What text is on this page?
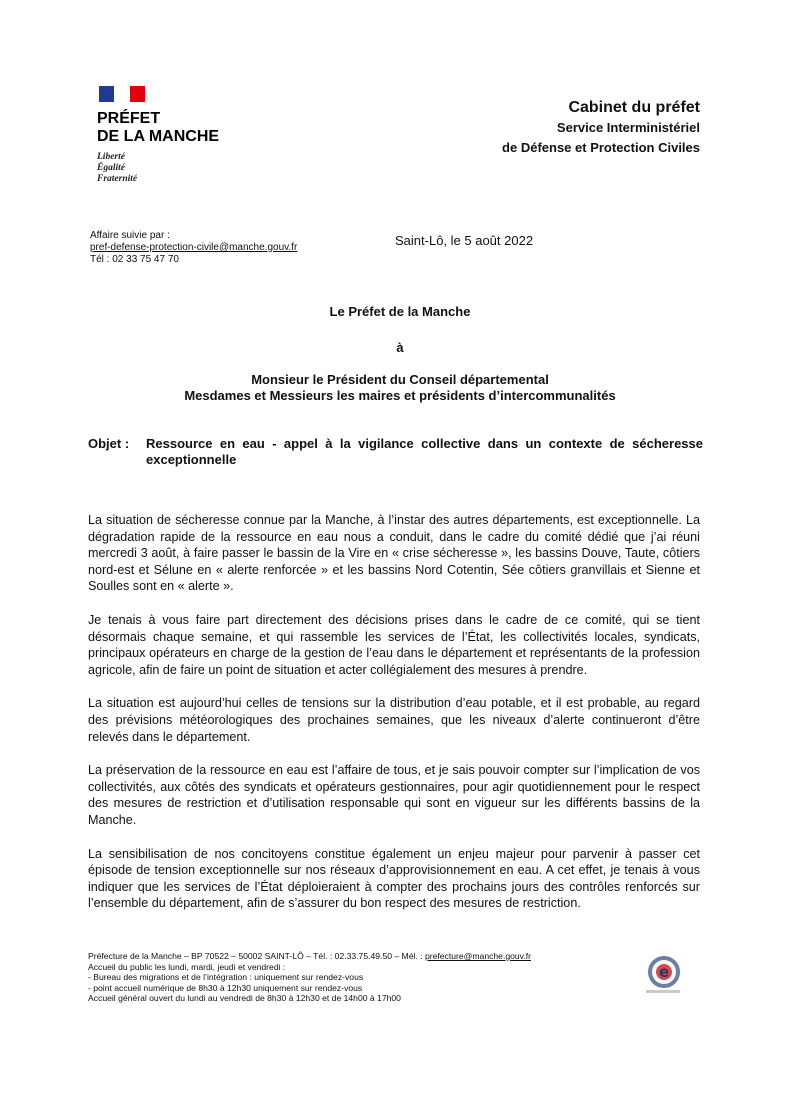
PRÉFET
DE LA MANCHE
Liberté
Égalité
Fraternité
Cabinet du préfet
Service Interministériel
de Défense et Protection Civiles
Affaire suivie par :
pref-defense-protection-civile@manche.gouv.fr
Tél : 02 33 75 47 70
Saint-Lô, le 5 août 2022
Le Préfet de la Manche
à
Monsieur le Président du Conseil départemental
Mesdames et Messieurs les maires et présidents d’intercommunalités
Objet :	Ressource en eau - appel à la vigilance collective dans un contexte de sécheresse exceptionnelle

La situation de sécheresse connue par la Manche, à l’instar des autres départements, est exceptionnelle. La dégradation rapide de la ressource en eau nous a conduit, dans le cadre du comité dédié que j’ai réuni mercredi 3 août, à faire passer le bassin de la Vire en « crise sécheresse », les bassins Douve, Taute, côtiers nord-est et Sélune en « alerte renforcée » et les bassins Nord Cotentin, Sée côtiers granvillais et Sienne et Soulles sont en « alerte ».

Je tenais à vous faire part directement des décisions prises dans le cadre de ce comité, qui se tient désormais chaque semaine, et qui rassemble les services de l’État, les collectivités locales, syndicats, principaux opérateurs en charge de la gestion de l’eau dans le département et représentants de la profession agricole, afin de faire un point de situation et acter collégialement des mesures à prendre.

La situation est aujourd’hui celles de tensions sur la distribution d’eau potable, et il est probable, au regard des prévisions météorologiques des prochaines semaines, que les niveaux d’alerte continueront d’être relevés dans le département.

La préservation de la ressource en eau est l’affaire de tous, et je sais pouvoir compter sur l’implication de vos collectivités, aux côtés des syndicats et opérateurs gestionnaires, pour agir quotidiennement pour le respect des mesures de restriction et d’utilisation responsable qui sont en vigueur sur les différents bassins de la Manche.

La sensibilisation de nos concitoyens constitue également un enjeu majeur pour parvenir à passer cet épisode de tension exceptionnelle sur nos réseaux d’approvisionnement en eau. A cet effet, je tenais à vous indiquer que les services de l’État déploieraient à compter des prochains jours des contrôles renforcés sur l’ensemble du département, afin de s’assurer du bon respect des mesures de restriction.

Préfecture de la Manche – BP 70522 – 50002 SAINT-LÔ – Tél. : 02.33.75.49.50 – Mél. : prefecture@manche.gouv.fr
Accueil du public les lundi, mardi, jeudi et vendredi :
- Bureau des migrations et de l’intégration : uniquement sur rendez-vous
- point accueil numérique de 8h30 à 12h30 uniquement sur rendez-vous
Accueil général ouvert du lundi au vendredi de 8h30 à 12h30 et de 14h00 à 17h00
e
